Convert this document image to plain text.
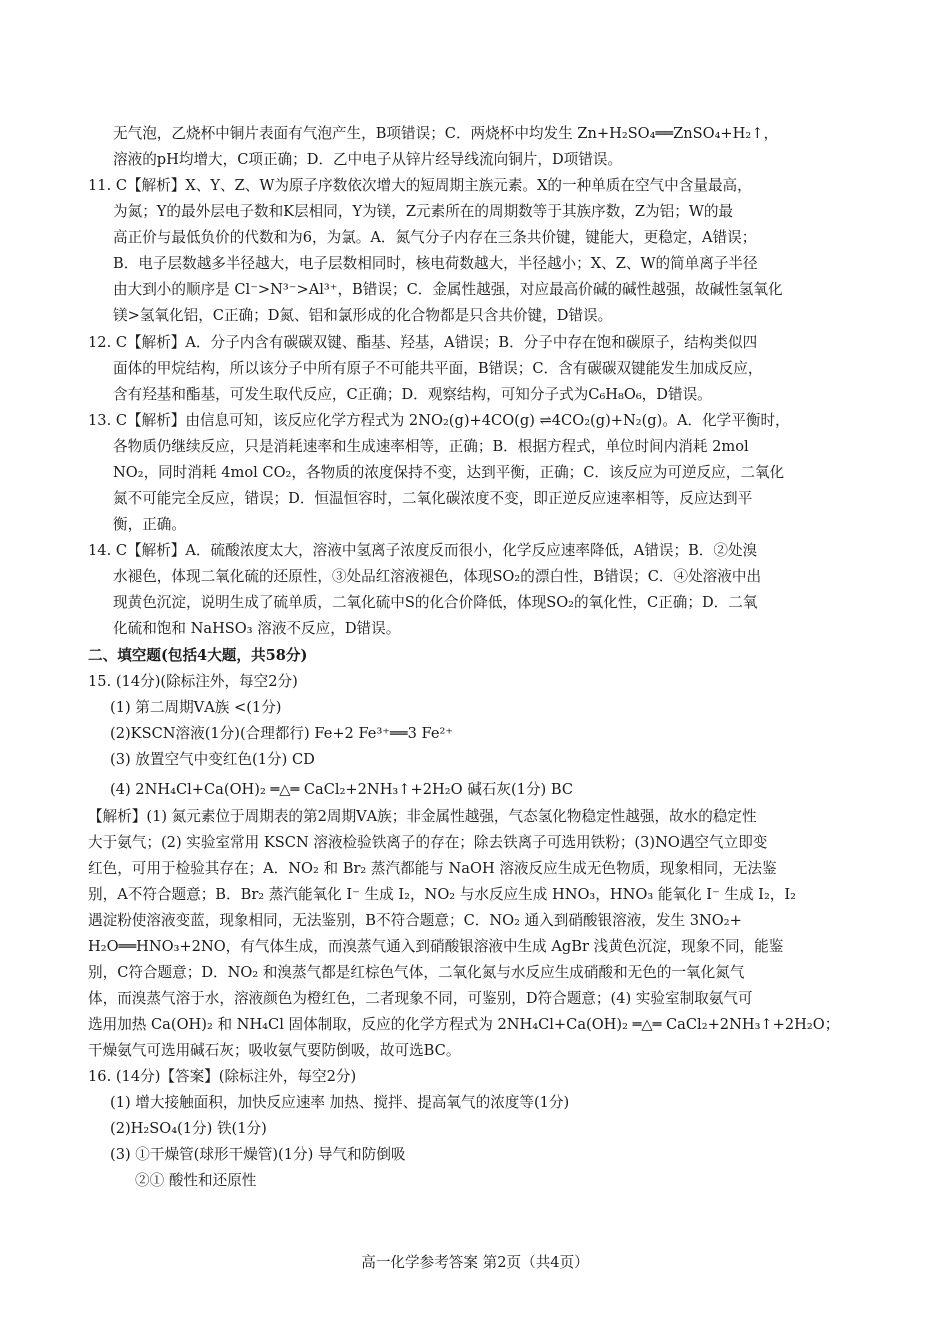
无气泡，乙烧杯中铜片表面有气泡产生，B项错误；C．两烧杯中均发生 Zn+H₂SO₄══ZnSO₄+H₂↑，
溶液的pH均增大，C项正确；D．乙中电子从锌片经导线流向铜片，D项错误。
11. C【解析】X、Y、Z、W为原子序数依次增大的短周期主族元素。X的一种单质在空气中含量最高，
为氮；Y的最外层电子数和K层相同，Y为镁，Z元素所在的周期数等于其族序数，Z为铝；W的最
高正价与最低负价的代数和为6，为氯。A．氮气分子内存在三条共价键，键能大，更稳定，A错误；
B．电子层数越多半径越大，电子层数相同时，核电荷数越大，半径越小；X、Z、W的简单离子半径
由大到小的顺序是 Cl⁻>N³⁻>Al³⁺，B错误；C．金属性越强，对应最高价碱的碱性越强，故碱性氢氧化
镁>氢氧化铝，C正确；D氮、铝和氯形成的化合物都是只含共价键，D错误。
12. C【解析】A．分子内含有碳碳双键、酯基、羟基，A错误；B．分子中存在饱和碳原子，结构类似四
面体的甲烷结构，所以该分子中所有原子不可能共平面，B错误；C．含有碳碳双键能发生加成反应，
含有羟基和酯基，可发生取代反应，C正确；D．观察结构，可知分子式为C₆H₈O₆，D错误。
13. C【解析】由信息可知，该反应化学方程式为 2NO₂(g)+4CO(g) ⇌4CO₂(g)+N₂(g)。A．化学平衡时，
各物质仍继续反应，只是消耗速率和生成速率相等，正确；B．根据方程式，单位时间内消耗 2mol
NO₂，同时消耗 4mol CO₂，各物质的浓度保持不变，达到平衡，正确；C．该反应为可逆反应，二氧化
氮不可能完全反应，错误；D．恒温恒容时，二氧化碳浓度不变，即正逆反应速率相等，反应达到平
衡，正确。
14. C【解析】A．硫酸浓度太大，溶液中氢离子浓度反而很小，化学反应速率降低，A错误；B．②处溴
水褪色，体现二氧化硫的还原性，③处品红溶液褪色，体现SO₂的漂白性，B错误；C．④处溶液中出
现黄色沉淀，说明生成了硫单质，二氧化硫中S的化合价降低，体现SO₂的氧化性，C正确；D．二氧
化硫和饱和 NaHSO₃ 溶液不反应，D错误。
二、填空题(包括4大题，共58分)
15. (14分)(除标注外，每空2分)
(1) 第二周期ⅤA族 <(1分)
(2)KSCN溶液(1分)(合理都行) Fe+2 Fe³⁺══3 Fe²⁺
(3) 放置空气中变红色(1分) CD
(4) 2NH₄Cl+Ca(OH)₂ ═△═ CaCl₂+2NH₃↑+2H₂O 碱石灰(1分) BC
【解析】(1) 氮元素位于周期表的第2周期ⅤA族；非金属性越强，气态氢化物稳定性越强，故水的稳定性
大于氨气；(2) 实验室常用 KSCN 溶液检验铁离子的存在；除去铁离子可选用铁粉；(3)NO遇空气立即变
红色，可用于检验其存在；A．NO₂ 和 Br₂ 蒸汽都能与 NaOH 溶液反应生成无色物质，现象相同，无法鉴
别，A不符合题意；B．Br₂ 蒸汽能氧化 I⁻ 生成 I₂，NO₂ 与水反应生成 HNO₃，HNO₃ 能氧化 I⁻ 生成 I₂，I₂
遇淀粉使溶液变蓝，现象相同，无法鉴别，B不符合题意；C．NO₂ 通入到硝酸银溶液，发生 3NO₂+
H₂O══HNO₃+2NO，有气体生成，而溴蒸气通入到硝酸银溶液中生成 AgBr 浅黄色沉淀，现象不同，能鉴
别，C符合题意；D．NO₂ 和溴蒸气都是红棕色气体，二氧化氮与水反应生成硝酸和无色的一氧化氮气
体，而溴蒸气溶于水，溶液颜色为橙红色，二者现象不同，可鉴别，D符合题意；(4) 实验室制取氨气可
选用加热 Ca(OH)₂ 和 NH₄Cl 固体制取，反应的化学方程式为 2NH₄Cl+Ca(OH)₂ ═△═ CaCl₂+2NH₃↑+2H₂O；
干燥氨气可选用碱石灰；吸收氨气要防倒吸，故可选BC。
16. (14分)【答案】(除标注外，每空2分)
(1) 增大接触面积，加快反应速率 加热、搅拌、提高氧气的浓度等(1分)
(2)H₂SO₄(1分) 铁(1分)
(3) ①干燥管(球形干燥管)(1分) 导气和防倒吸
②① 酸性和还原性
高一化学参考答案 第2页（共4页）
